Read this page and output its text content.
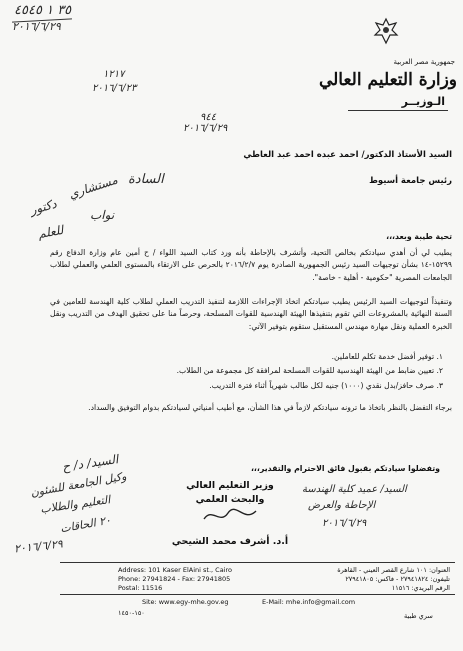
٣٥ ١ ٤٥٤٥
٢٠١٦/٦/٢٩
١٢١٧
٢٠١٦/٦/٢٣
٩٤٤
٢٠١٦/٦/٢٩
جمهورية مصر العربية
وزارة التعليم العالي
الـوزيــر
السيد الأستاذ الدكتور/ احمد عبده احمد عبد العاطي
رئيس جامعة أسيوط
السادة
مستشاري
دكتور	نواب
للعلم	تحية طيبة وبعد،،،
يطيب لي أن أهدي سيادتكم بخالص التحية، وأتشرف بالإحاطة بأنه ورد كتاب السيد اللواء / ح أمين عام وزارة الدفاع رقم ١٥٢٩٩-١٤ بشأن توجيهات السيد رئيس الجمهورية الصادرة يوم ٢٠١٦/٢/٧ بالحرص على الارتقاء بالمستوى العلمي والعملي لطلاب الجامعات المصرية "حكومية - أهلية - خاصة".
وتنفيذاً لتوجيهات السيد الرئيس يطيب سيادتكم اتخاذ الإجراءات اللازمة لتنفيذ التدريب العملي لطلاب كلية الهندسة للعامين في السنة النهائية بالمشروعات التي تقوم بتنفيذها الهيئة الهندسية للقوات المسلحة، وحرصاً منا على تحقيق الهدف من التدريب ونقل الخبرة العملية ونقل مهارة مهندس المستقبل ستقوم بتوفير الآتي:
١. توفير أفضل خدمة تكلم للعاملين.
٢. تعيين ضابط من الهيئة الهندسية للقوات المسلحة لمرافقة كل مجموعة من الطلاب.
٣. صرف حافز/بدل نقدي (١٠٠٠) جنيه لكل طالب شهرياً أثناء فترة التدريب.
برجاء التفضل بالنظر باتخاذ ما ترونه سيادتكم لازماً في هذا الشأن، مع أطيب أمنياتي لسيادتكم بدوام التوفيق والسداد.
وتفضلوا سيادتكم بقبول فائق الاحترام والتقدير،،،
وزير التعليم العالي
والبحث العلمي
أ.د. أشرف محمد الشيحي
السيد/ د/ ح
وكيل الجامعة للشئون
التعليم والطلاب
٢٠ الحاقات
٢٠١٦/٦/٢٩
السيد/ عميد كلية الهندسة
الإحاطة والعرض
٢٠١٦/٦/٢٩
Address: 101 Kaser ElAini st., Cairo
Phone: 27941824 - Fax: 27941805
Postal: 11516
العنوان: ١٠١ شارع القصر العيني - القاهرة
تليفون: ٢٧٩٤١٨٢٤ - فاكس: ٢٧٩٤١٨٠٥
الرقم البريدي: ١١٥١٦
Site: www.egy-mhe.gov.eg	E-Mail: mhe.info@gmail.com
١٥٠-١٤٥٠	سري طبية
